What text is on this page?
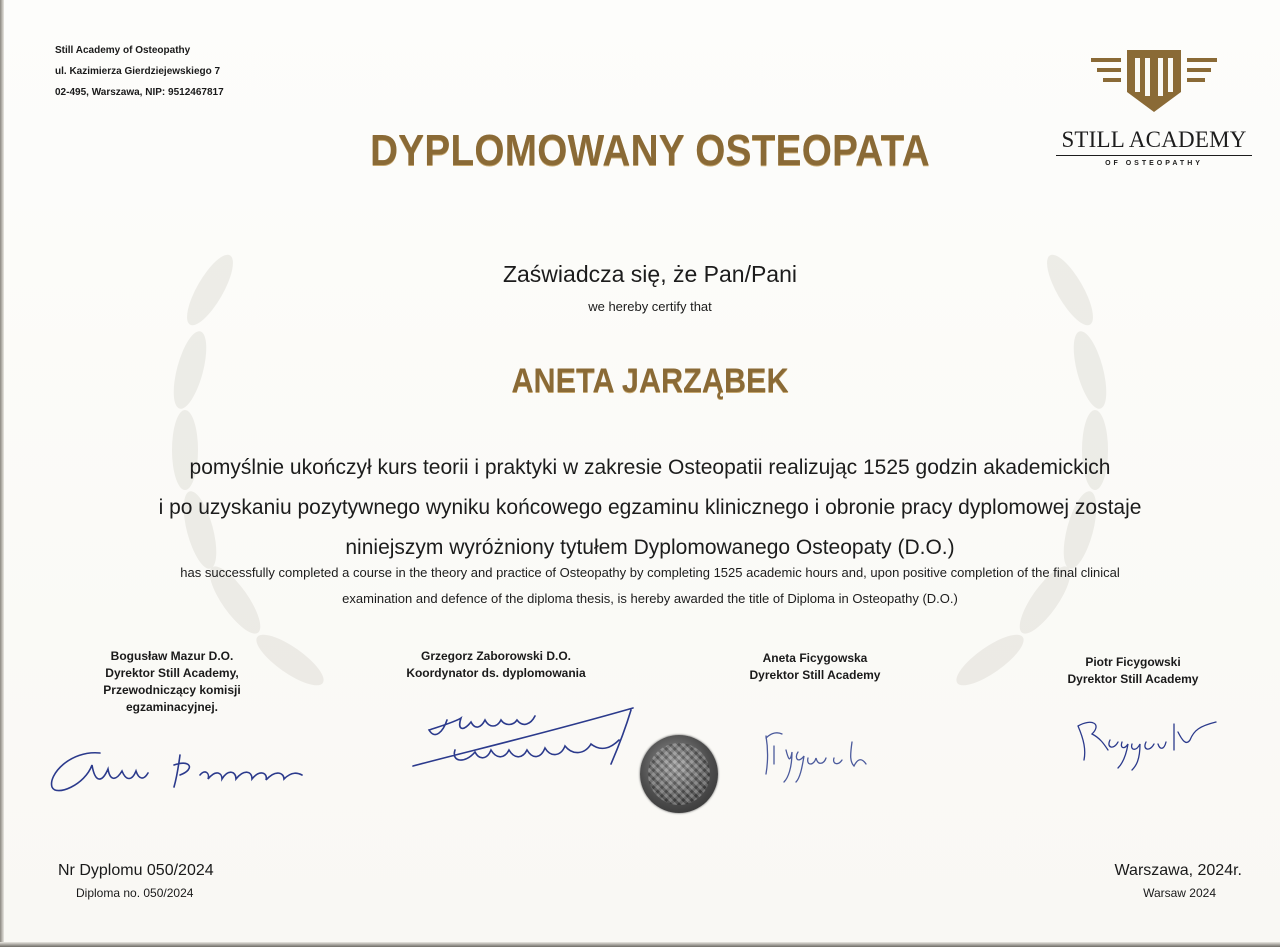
Still Academy of Osteopathy
ul. Kazimierza Gierdziejewskiego 7
02-495, Warszawa, NIP: 9512467817
STILL ACADEMY
OF OSTEOPATHY
DYPLOMOWANY OSTEOPATA
Zaświadcza się, że Pan/Pani
we hereby certify that
ANETA JARZĄBEK
pomyślnie ukończył kurs teorii i praktyki w zakresie Osteopatii realizując 1525 godzin akademickich
i po uzyskaniu pozytywnego wyniku końcowego egzaminu klinicznego i obronie pracy dyplomowej zostaje
niniejszym wyróżniony tytułem Dyplomowanego Osteopaty (D.O.)
has successfully completed a course in the theory and practice of Osteopathy by completing 1525 academic hours and, upon positive completion of the final clinical
examination and defence of the diploma thesis, is hereby awarded the title of Diploma in Osteopathy (D.O.)
Bogusław Mazur D.O.
Dyrektor Still Academy,
Przewodniczący komisji
egzaminacyjnej.
Grzegorz Zaborowski D.O.
Koordynator ds. dyplomowania
Aneta Ficygowska
Dyrektor Still Academy
Piotr Ficygowski
Dyrektor Still Academy
Nr Dyplomu 050/2024
Diploma no. 050/2024
Warszawa, 2024r.
Warsaw 2024
